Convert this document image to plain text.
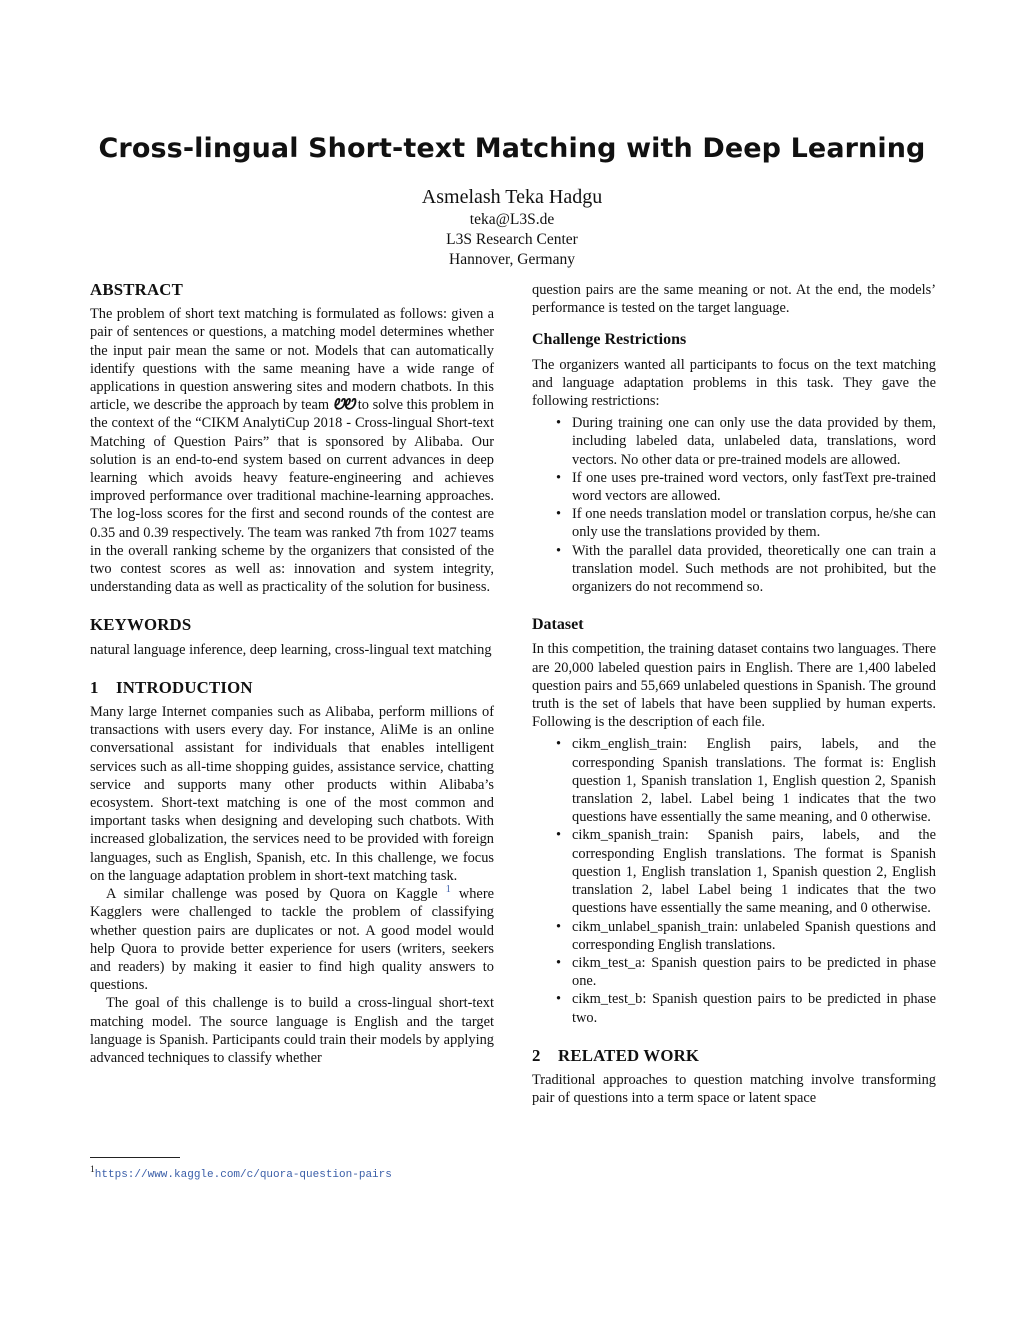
Cross-lingual Short-text Matching with Deep Learning
Asmelash Teka Hadgu
teka@L3S.de
L3S Research Center
Hannover, Germany
ABSTRACT

The problem of short text matching is formulated as follows: given a pair of sentences or questions, a matching model determines whether the input pair mean the same or not. Models that can automatically identify questions with the same meaning have a wide range of applications in question answering sites and modern chatbots. In this article, we describe the approach by team ᏬᏬ to solve this problem in the context of the “CIKM AnalytiCup 2018 - Cross-lingual Short-text Matching of Question Pairs” that is sponsored by Alibaba. Our solution is an end-to-end system based on current advances in deep learning which avoids heavy feature-engineering and achieves improved performance over traditional machine-learning approaches. The log-loss scores for the first and second rounds of the contest are 0.35 and 0.39 respectively. The team was ranked 7th from 1027 teams in the overall ranking scheme by the organizers that consisted of the two contest scores as well as: innovation and system integrity, understanding data as well as practicality of the solution for business.

KEYWORDS

natural language inference, deep learning, cross-lingual text matching

1 INTRODUCTION

Many large Internet companies such as Alibaba, perform millions of transactions with users every day. For instance, AliMe is an online conversational assistant for individuals that enables intelligent services such as all-time shopping guides, assistance service, chatting service and supports many other products within Alibaba’s ecosystem. Short-text matching is one of the most common and important tasks when designing and developing such chatbots. With increased globalization, the services need to be provided with foreign languages, such as English, Spanish, etc. In this challenge, we focus on the language adaptation problem in short-text matching task.

A similar challenge was posed by Quora on Kaggle $^1$ where Kagglers were challenged to tackle the problem of classifying whether question pairs are duplicates or not. A good model would help Quora to provide better experience for users (writers, seekers and readers) by making it easier to find high quality answers to questions.

The goal of this challenge is to build a cross-lingual short-text matching model. The source language is English and the target language is Spanish. Participants could train their models by applying advanced techniques to classify whether

$^1$https://www.kaggle.com/c/quora-question-pairs

question pairs are the same meaning or not. At the end, the models’ performance is tested on the target language.

Challenge Restrictions

The organizers wanted all participants to focus on the text matching and language adaptation problems in this task. They gave the following restrictions:

• During training one can only use the data provided by them, including labeled data, unlabeled data, translations, word vectors. No other data or pre-trained models are allowed.
• If one uses pre-trained word vectors, only fastText pre-trained word vectors are allowed.
• If one needs translation model or translation corpus, he/she can only use the translations provided by them.
• With the parallel data provided, theoretically one can train a translation model. Such methods are not prohibited, but the organizers do not recommend so.
Dataset

In this competition, the training dataset contains two languages. There are 20,000 labeled question pairs in English. There are 1,400 labeled question pairs and 55,669 unlabeled questions in Spanish. The ground truth is the set of labels that have been supplied by human experts. Following is the description of each file.

• cikm_english_train: English pairs, labels, and the corresponding Spanish translations. The format is: English question 1, Spanish translation 1, English question 2, Spanish translation 2, label. Label being 1 indicates that the two questions have essentially the same meaning, and 0 otherwise.
• cikm_spanish_train: Spanish pairs, labels, and the corresponding English translations. The format is Spanish question 1, English translation 1, Spanish question 2, English translation 2, label Label being 1 indicates that the two questions have essentially the same meaning, and 0 otherwise.
• cikm_unlabel_spanish_train: unlabeled Spanish questions and corresponding English translations.
• cikm_test_a: Spanish question pairs to be predicted in phase one.
• cikm_test_b: Spanish question pairs to be predicted in phase two.
2 RELATED WORK

Traditional approaches to question matching involve transforming pair of questions into a term space or latent space
